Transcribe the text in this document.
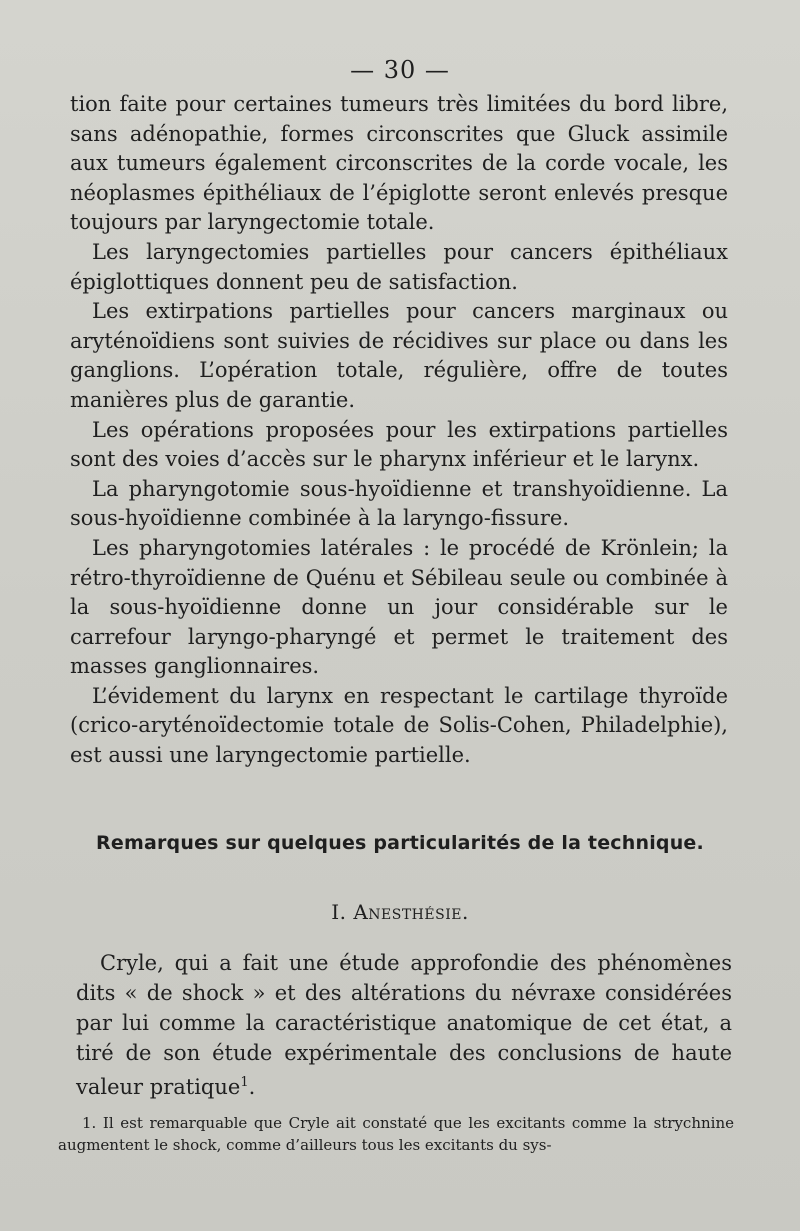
— 30 —

tion faite pour certaines tumeurs très limitées du bord libre, sans adénopathie, formes circonscrites que Gluck assimile aux tumeurs également circonscrites de la corde vocale, les néoplasmes épithéliaux de l’épiglotte seront enlevés presque toujours par laryngectomie totale.

Les laryngectomies partielles pour cancers épithéliaux épiglottiques donnent peu de satisfaction.

Les extirpations partielles pour cancers marginaux ou aryténoïdiens sont suivies de récidives sur place ou dans les ganglions. L’opération totale, régulière, offre de toutes manières plus de garantie.

Les opérations proposées pour les extirpations partielles sont des voies d’accès sur le pharynx inférieur et le larynx.

La pharyngotomie sous-hyoïdienne et transhyoïdienne. La sous-hyoïdienne combinée à la laryngo-fissure.

Les pharyngotomies latérales : le procédé de Krönlein; la rétro-thyroïdienne de Quénu et Sébileau seule ou combinée à la sous-hyoïdienne donne un jour considérable sur le carrefour laryngo-pharyngé et permet le traitement des masses ganglionnaires.

L’évidement du larynx en respectant le cartilage thyroïde (crico-aryténoïdectomie totale de Solis-Cohen, Philadelphie), est aussi une laryngectomie partielle.

Remarques sur quelques particularités de la technique.
I. Anesthésie.

Cryle, qui a fait une étude approfondie des phénomènes dits « de shock » et des altérations du névraxe considérées par lui comme la caractéristique anatomique de cet état, a tiré de son étude expérimentale des conclusions de haute valeur pratique$^1$.

1. Il est remarquable que Cryle ait constaté que les excitants comme la strychnine augmentent le shock, comme d’ailleurs tous les excitants du sys-
